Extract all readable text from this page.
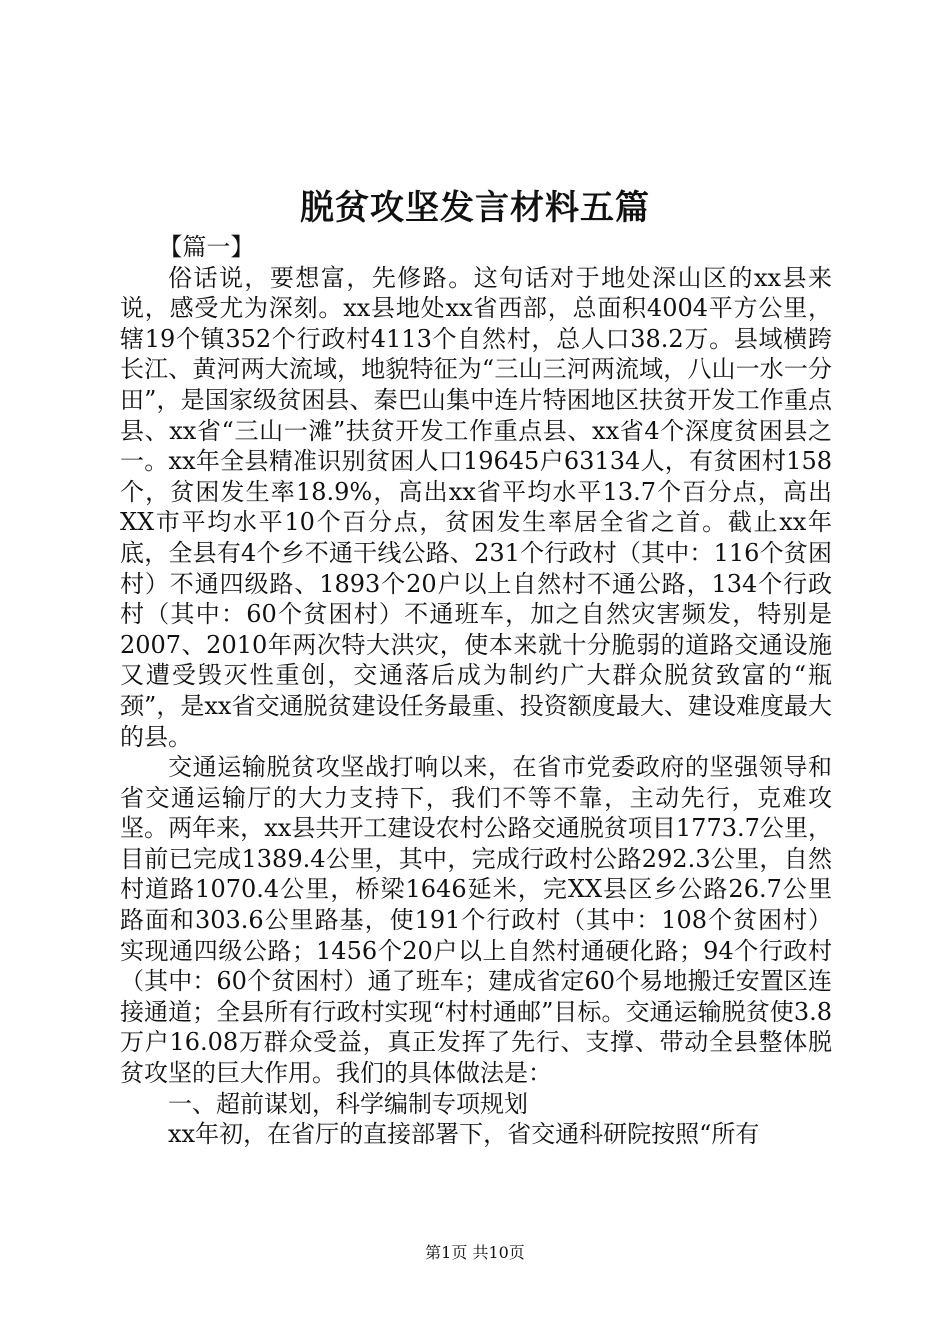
脱贫攻坚发言材料五篇

【篇一】

俗话说，要想富，先修路。这句话对于地处深山区的xx县来说，感受尤为深刻。xx县地处xx省西部，总面积4004平方公里，辖19个镇352个行政村4113个自然村，总人口38.2万。县域横跨长江、黄河两大流域，地貌特征为“三山三河两流域，八山一水一分田”，是国家级贫困县、秦巴山集中连片特困地区扶贫开发工作重点县、xx省“三山一滩”扶贫开发工作重点县、xx省4个深度贫困县之一。xx年全县精准识别贫困人口19645户63134人，有贫困村158个，贫困发生率18.9%，高出xx省平均水平13.7个百分点，高出XX市平均水平10个百分点，贫困发生率居全省之首。截止xx年底，全县有4个乡不通干线公路、231个行政村（其中：116个贫困村）不通四级路、1893个20户以上自然村不通公路，134个行政村（其中：60个贫困村）不通班车，加之自然灾害频发，特别是2007、2010年两次特大洪灾，使本来就十分脆弱的道路交通设施又遭受毁灭性重创，交通落后成为制约广大群众脱贫致富的“瓶颈”，是xx省交通脱贫建设任务最重、投资额度最大、建设难度最大的县。

交通运输脱贫攻坚战打响以来，在省市党委政府的坚强领导和省交通运输厅的大力支持下，我们不等不靠，主动先行，克难攻坚。两年来，xx县共开工建设农村公路交通脱贫项目1773.7公里，目前已完成1389.4公里，其中，完成行政村公路292.3公里，自然村道路1070.4公里，桥梁1646延米，完XX县区乡公路26.7公里路面和303.6公里路基，使191个行政村（其中：108个贫困村）实现通四级公路；1456个20户以上自然村通硬化路；94个行政村（其中：60个贫困村）通了班车；建成省定60个易地搬迁安置区连接通道；全县所有行政村实现“村村通邮”目标。交通运输脱贫使3.8万户16.08万群众受益，真正发挥了先行、支撑、带动全县整体脱贫攻坚的巨大作用。我们的具体做法是：

一、超前谋划，科学编制专项规划

xx年初，在省厅的直接部署下，省交通科研院按照“所有

第1页 共10页
